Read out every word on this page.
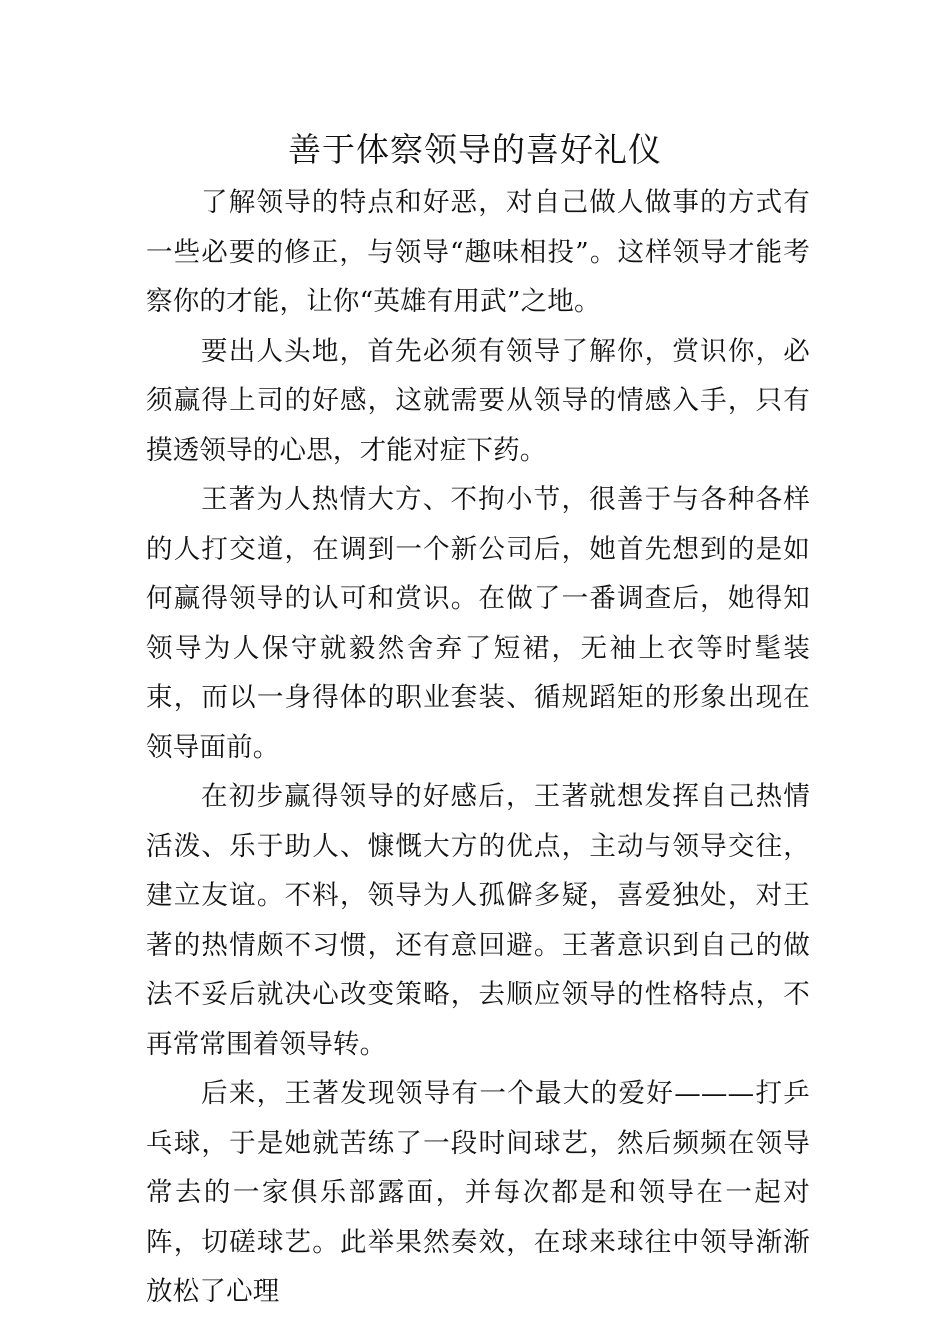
善于体察领导的喜好礼仪

了解领导的特点和好恶，对自己做人做事的方式有一些必要的修正，与领导“趣味相投”。这样领导才能考察你的才能，让你“英雄有用武”之地。

要出人头地，首先必须有领导了解你，赏识你，必须赢得上司的好感，这就需要从领导的情感入手，只有摸透领导的心思，才能对症下药。

王著为人热情大方、不拘小节，很善于与各种各样的人打交道，在调到一个新公司后，她首先想到的是如何赢得领导的认可和赏识。在做了一番调查后，她得知领导为人保守就毅然舍弃了短裙，无袖上衣等时髦装束，而以一身得体的职业套装、循规蹈矩的形象出现在领导面前。

在初步赢得领导的好感后，王著就想发挥自己热情活泼、乐于助人、慷慨大方的优点，主动与领导交往，建立友谊。不料，领导为人孤僻多疑，喜爱独处，对王著的热情颇不习惯，还有意回避。王著意识到自己的做法不妥后就决心改变策略，去顺应领导的性格特点，不再常常围着领导转。

后来，王著发现领导有一个最大的爱好———打乒乓球，于是她就苦练了一段时间球艺，然后频频在领导常去的一家俱乐部露面，并每次都是和领导在一起对阵，切磋球艺。此举果然奏效，在球来球往中领导渐渐放松了心理
